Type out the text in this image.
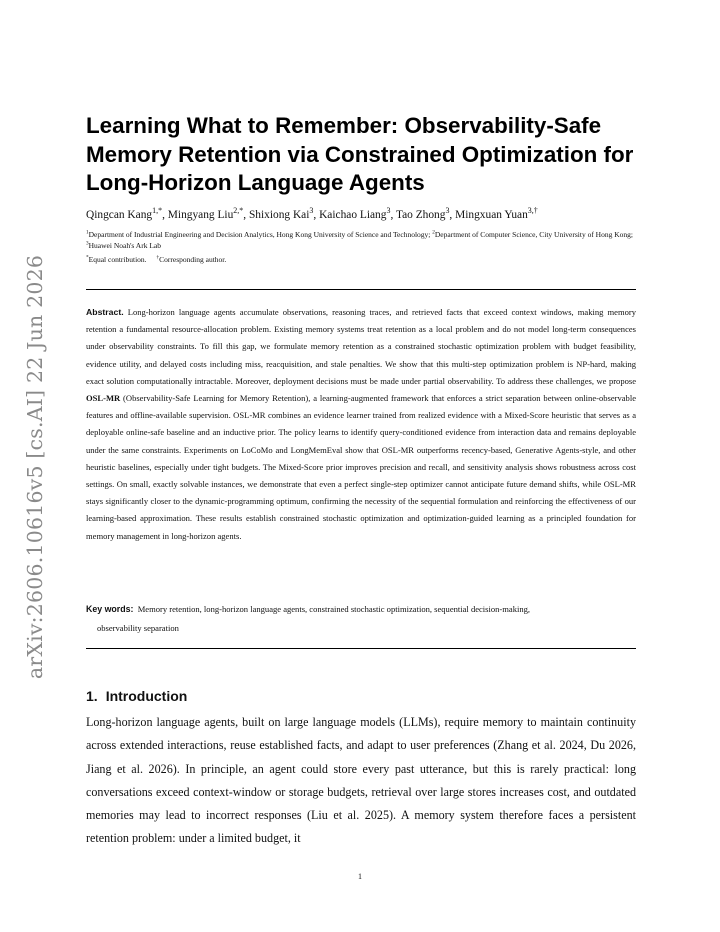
arXiv:2606.10616v5 [cs.AI] 22 Jun 2026
Learning What to Remember: Observability-Safe Memory Retention via Constrained Optimization for Long-Horizon Language Agents
Qingcan Kang$^{1,*}$, Mingyang Liu$^{2,*}$, Shixiong Kai$^3$, Kaichao Liang$^3$, Tao Zhong$^3$, Mingxuan Yuan$^{3,\dagger}$
$^1$Department of Industrial Engineering and Decision Analytics, Hong Kong University of Science and Technology; $^2$Department of Computer Science, City University of Hong Kong; $^3$Huawei Noah's Ark Lab
*Equal contribution. †Corresponding author.

Abstract. Long-horizon language agents accumulate observations, reasoning traces, and retrieved facts that exceed context windows, making memory retention a fundamental resource-allocation problem. Existing memory systems treat retention as a local problem and do not model long-term consequences under observability constraints. To fill this gap, we formulate memory retention as a constrained stochastic optimization problem with budget feasibility, evidence utility, and delayed costs including miss, reacquisition, and stale penalties. We show that this multi-step optimization problem is NP-hard, making exact solution computationally intractable. Moreover, deployment decisions must be made under partial observability. To address these challenges, we propose OSL-MR (Observability-Safe Learning for Memory Retention), a learning-augmented framework that enforces a strict separation between online-observable features and offline-available supervision. OSL-MR combines an evidence learner trained from realized evidence with a Mixed-Score heuristic that serves as a deployable online-safe baseline and an inductive prior. The policy learns to identify query-conditioned evidence from interaction data and remains deployable under the same constraints. Experiments on LoCoMo and LongMemEval show that OSL-MR outperforms recency-based, Generative Agents-style, and other heuristic baselines, especially under tight budgets. The Mixed-Score prior improves precision and recall, and sensitivity analysis shows robustness across cost settings. On small, exactly solvable instances, we demonstrate that even a perfect single-step optimizer cannot anticipate future demand shifts, while OSL-MR stays significantly closer to the dynamic-programming optimum, confirming the necessity of the sequential formulation and reinforcing the effectiveness of our learning-based approximation. These results establish constrained stochastic optimization and optimization-guided learning as a principled foundation for memory management in long-horizon agents.

Key words: Memory retention, long-horizon language agents, constrained stochastic optimization, sequential decision-making,
observability separation

1. Introduction

Long-horizon language agents, built on large language models (LLMs), require memory to maintain continuity across extended interactions, reuse established facts, and adapt to user preferences (Zhang et al. 2024, Du 2026, Jiang et al. 2026). In principle, an agent could store every past utterance, but this is rarely practical: long conversations exceed context-window or storage budgets, retrieval over large stores increases cost, and outdated memories may lead to incorrect responses (Liu et al. 2025). A memory system therefore faces a persistent retention problem: under a limited budget, it

1
